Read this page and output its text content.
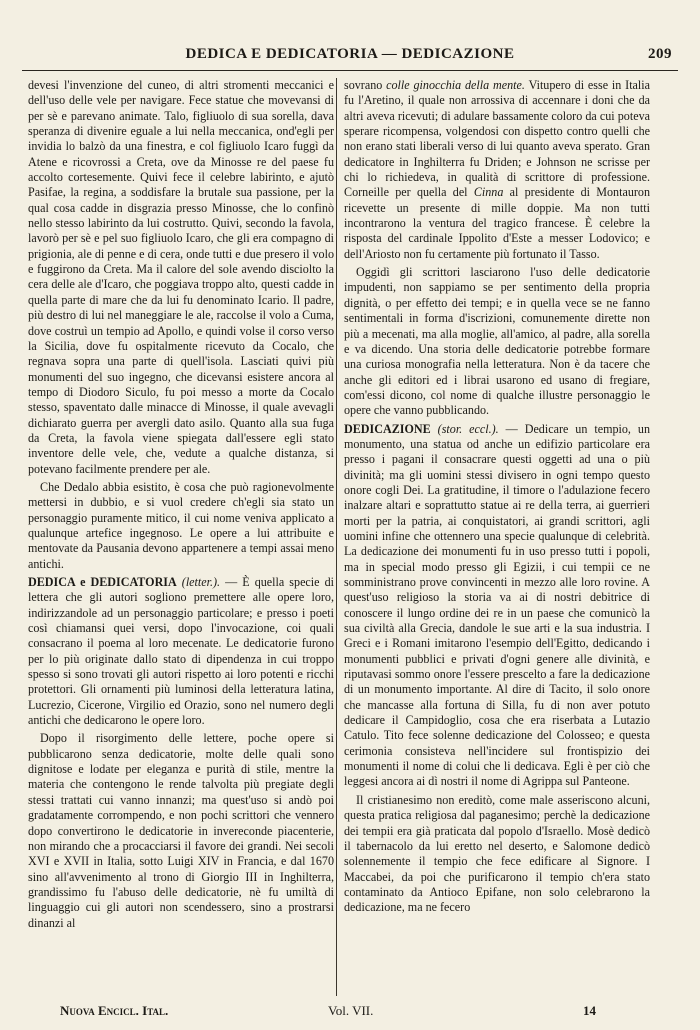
DEDICA E DEDICATORIA — DEDICAZIONE	209

devesi l'invenzione del cuneo, di altri stromenti meccanici e dell'uso delle vele per navigare. Fece statue che movevansi di per sè e parevano animate. Talo, figliuolo di sua sorella, dava speranza di divenire eguale a lui nella meccanica, ond'egli per invidia lo balzò da una finestra, e col figliuolo Icaro fuggì da Atene e ricovrossi a Creta, ove da Minosse re del paese fu accolto cortesemente. Quivi fece il celebre labirinto, e ajutò Pasifae, la regina, a soddisfare la brutale sua passione, per la qual cosa cadde in disgrazia presso Minosse, che lo confinò nello stesso labirinto da lui costrutto. Quivi, secondo la favola, lavorò per sè e pel suo figliuolo Icaro, che gli era compagno di prigionia, ale di penne e di cera, onde tutti e due presero il volo e fuggirono da Creta. Ma il calore del sole avendo disciolto la cera delle ale d'Icaro, che poggiava troppo alto, questi cadde in quella parte di mare che da lui fu denominato Icario. Il padre, più destro di lui nel maneggiare le ale, raccolse il volo a Cuma, dove costruì un tempio ad Apollo, e quindi volse il corso verso la Sicilia, dove fu ospitalmente ricevuto da Cocalo, che regnava sopra una parte di quell'isola. Lasciati quivi più monumenti del suo ingegno, che dicevansi esistere ancora al tempo di Diodoro Siculo, fu poi messo a morte da Cocalo stesso, spaventato dalle minacce di Minosse, il quale avevagli dichiarato guerra per avergli dato asilo. Quanto alla sua fuga da Creta, la favola viene spiegata dall'essere egli stato inventore delle vele, che, vedute a qualche distanza, si potevano facilmente prendere per ale.

Che Dedalo abbia esistito, è cosa che può ragionevolmente mettersi in dubbio, e si vuol credere ch'egli sia stato un personaggio puramente mitico, il cui nome veniva applicato a qualunque artefice ingegnoso. Le opere a lui attribuite e mentovate da Pausania devono appartenere a tempi assai meno antichi.

DEDICA e DEDICATORIA (letter.). — È quella specie di lettera che gli autori sogliono premettere alle opere loro, indirizzandole ad un personaggio particolare; e presso i poeti così chiamansi quei versi, dopo l'invocazione, coi quali consacrano il poema al loro mecenate. Le dedicatorie furono per lo più originate dallo stato di dipendenza in cui troppo spesso si sono trovati gli autori rispetto ai loro potenti e ricchi protettori. Gli ornamenti più luminosi della letteratura latina, Lucrezio, Cicerone, Virgilio ed Orazio, sono nel numero degli antichi che dedicarono le opere loro.

Dopo il risorgimento delle lettere, poche opere si pubblicarono senza dedicatorie, molte delle quali sono dignitose e lodate per eleganza e purità di stile, mentre la materia che contengono le rende talvolta più pregiate degli stessi trattati cui vanno innanzi; ma quest'uso si andò poi gradatamente corrompendo, e non pochi scrittori che vennero dopo convertirono le dedicatorie in invereconde piacenterie, non mirando che a procacciarsi il favore dei grandi. Nei secoli XVI e XVII in Italia, sotto Luigi XIV in Francia, e dal 1670 sino all'avvenimento al trono di Giorgio III in Inghilterra, grandissimo fu l'abuso delle dedicatorie, nè fu umiltà di linguaggio cui gli autori non scendessero, sino a prostrarsi dinanzi al

sovrano colle ginocchia della mente. Vitupero di esse in Italia fu l'Aretino, il quale non arrossiva di accennare i doni che da altri aveva ricevuti; di adulare bassamente coloro da cui poteva sperare ricompensa, volgendosi con dispetto contro quelli che non erano stati liberali verso di lui quanto aveva sperato. Gran dedicatore in Inghilterra fu Driden; e Johnson ne scrisse per chi lo richiedeva, in qualità di scrittore di professione. Corneille per quella del Cinna al presidente di Montauron ricevette un presente di mille doppie. Ma non tutti incontrarono la ventura del tragico francese. È celebre la risposta del cardinale Ippolito d'Este a messer Lodovico; e dell'Ariosto non fu certamente più fortunato il Tasso.

Oggidì gli scrittori lasciarono l'uso delle dedicatorie impudenti, non sappiamo se per sentimento della propria dignità, o per effetto dei tempi; e in quella vece se ne fanno sentimentali in forma d'iscrizioni, comunemente dirette non più a mecenati, ma alla moglie, all'amico, al padre, alla sorella e va dicendo. Una storia delle dedicatorie potrebbe formare una curiosa monografia nella letteratura. Non è da tacere che anche gli editori ed i librai usarono ed usano di fregiare, com'essi dicono, col nome di qualche illustre personaggio le opere che vanno pubblicando.

DEDICAZIONE (stor. eccl.). — Dedicare un tempio, un monumento, una statua od anche un edifizio particolare era presso i pagani il consacrare questi oggetti ad una o più divinità; ma gli uomini stessi divisero in ogni tempo questo onore cogli Dei. La gratitudine, il timore o l'adulazione fecero inalzare altari e soprattutto statue ai re della terra, ai guerrieri morti per la patria, ai conquistatori, ai grandi scrittori, agli uomini infine che ottennero una specie qualunque di celebrità. La dedicazione dei monumenti fu in uso presso tutti i popoli, ma in special modo presso gli Egizii, i cui tempii ce ne somministrano prove convincenti in mezzo alle loro rovine. A quest'uso religioso la storia va ai di nostri debitrice di conoscere il lungo ordine dei re in un paese che comunicò la sua civiltà alla Grecia, dandole le sue arti e la sua industria. I Greci e i Romani imitarono l'esempio dell'Egitto, dedicando i monumenti pubblici e privati d'ogni genere alle divinità, e riputavasi sommo onore l'essere prescelto a fare la dedicazione di un monumento importante. Al dire di Tacito, il solo onore che mancasse alla fortuna di Silla, fu di non aver potuto dedicare il Campidoglio, cosa che era riserbata a Lutazio Catulo. Tito fece solenne dedicazione del Colosseo; e questa cerimonia consisteva nell'incidere sul frontispizio dei monumenti il nome di colui che li dedicava. Egli è per ciò che leggesi ancora ai dì nostri il nome di Agrippa sul Panteone.

Il cristianesimo non ereditò, come male asseriscono alcuni, questa pratica religiosa dal paganesimo; perchè la dedicazione dei tempii era già praticata dal popolo d'Israello. Mosè dedicò il tabernacolo da lui eretto nel deserto, e Salomone dedicò solennemente il tempio che fece edificare al Signore. I Maccabei, da poi che purificarono il tempio ch'era stato contaminato da Antioco Epifane, non solo celebrarono la dedicazione, ma ne fecero

Nuova Encicl. Ital.	Vol. VII.	14
